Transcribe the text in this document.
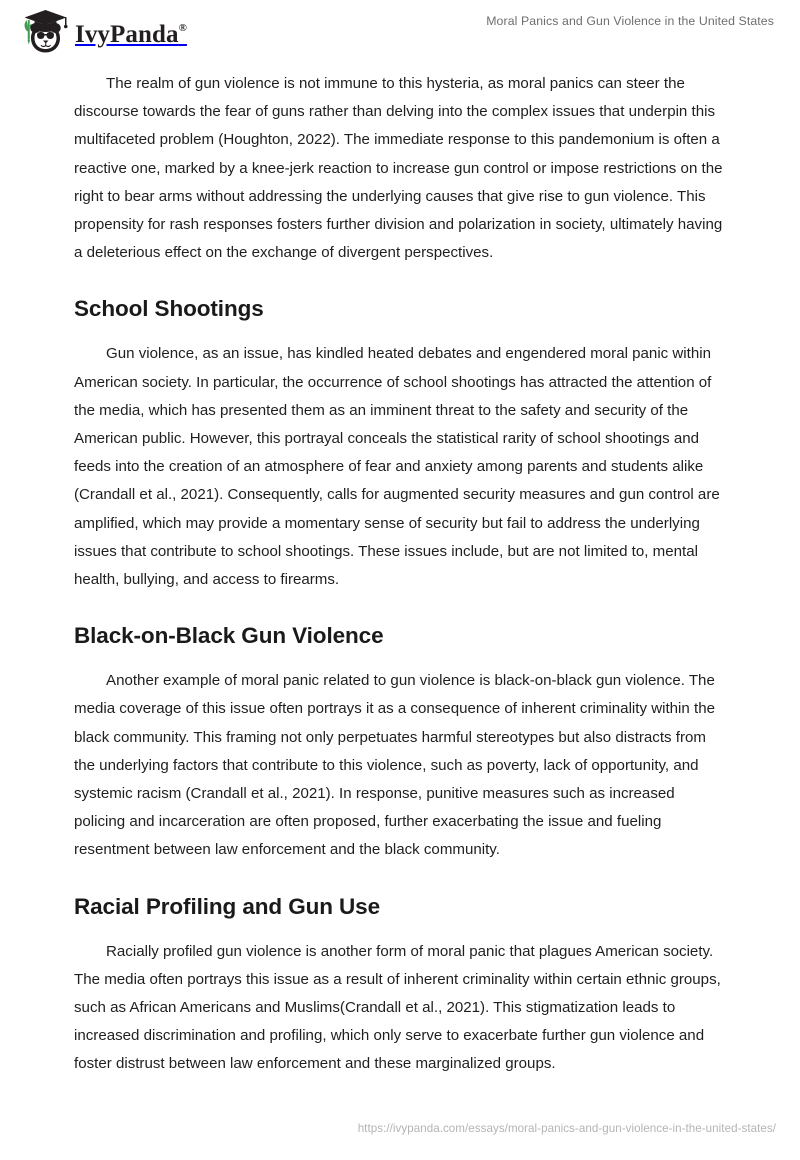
IvyPanda®
Moral Panics and Gun Violence in the United States

The realm of gun violence is not immune to this hysteria, as moral panics can steer the discourse towards the fear of guns rather than delving into the complex issues that underpin this multifaceted problem (Houghton, 2022). The immediate response to this pandemonium is often a reactive one, marked by a knee-jerk reaction to increase gun control or impose restrictions on the right to bear arms without addressing the underlying causes that give rise to gun violence. This propensity for rash responses fosters further division and polarization in society, ultimately having a deleterious effect on the exchange of divergent perspectives.

School Shootings

Gun violence, as an issue, has kindled heated debates and engendered moral panic within American society. In particular, the occurrence of school shootings has attracted the attention of the media, which has presented them as an imminent threat to the safety and security of the American public. However, this portrayal conceals the statistical rarity of school shootings and feeds into the creation of an atmosphere of fear and anxiety among parents and students alike (Crandall et al., 2021). Consequently, calls for augmented security measures and gun control are amplified, which may provide a momentary sense of security but fail to address the underlying issues that contribute to school shootings. These issues include, but are not limited to, mental health, bullying, and access to firearms.

Black-on-Black Gun Violence

Another example of moral panic related to gun violence is black-on-black gun violence. The media coverage of this issue often portrays it as a consequence of inherent criminality within the black community. This framing not only perpetuates harmful stereotypes but also distracts from the underlying factors that contribute to this violence, such as poverty, lack of opportunity, and systemic racism (Crandall et al., 2021). In response, punitive measures such as increased policing and incarceration are often proposed, further exacerbating the issue and fueling resentment between law enforcement and the black community.

Racial Profiling and Gun Use

Racially profiled gun violence is another form of moral panic that plagues American society. The media often portrays this issue as a result of inherent criminality within certain ethnic groups, such as African Americans and Muslims(Crandall et al., 2021). This stigmatization leads to increased discrimination and profiling, which only serve to exacerbate further gun violence and foster distrust between law enforcement and these marginalized groups.

https://ivypanda.com/essays/moral-panics-and-gun-violence-in-the-united-states/
